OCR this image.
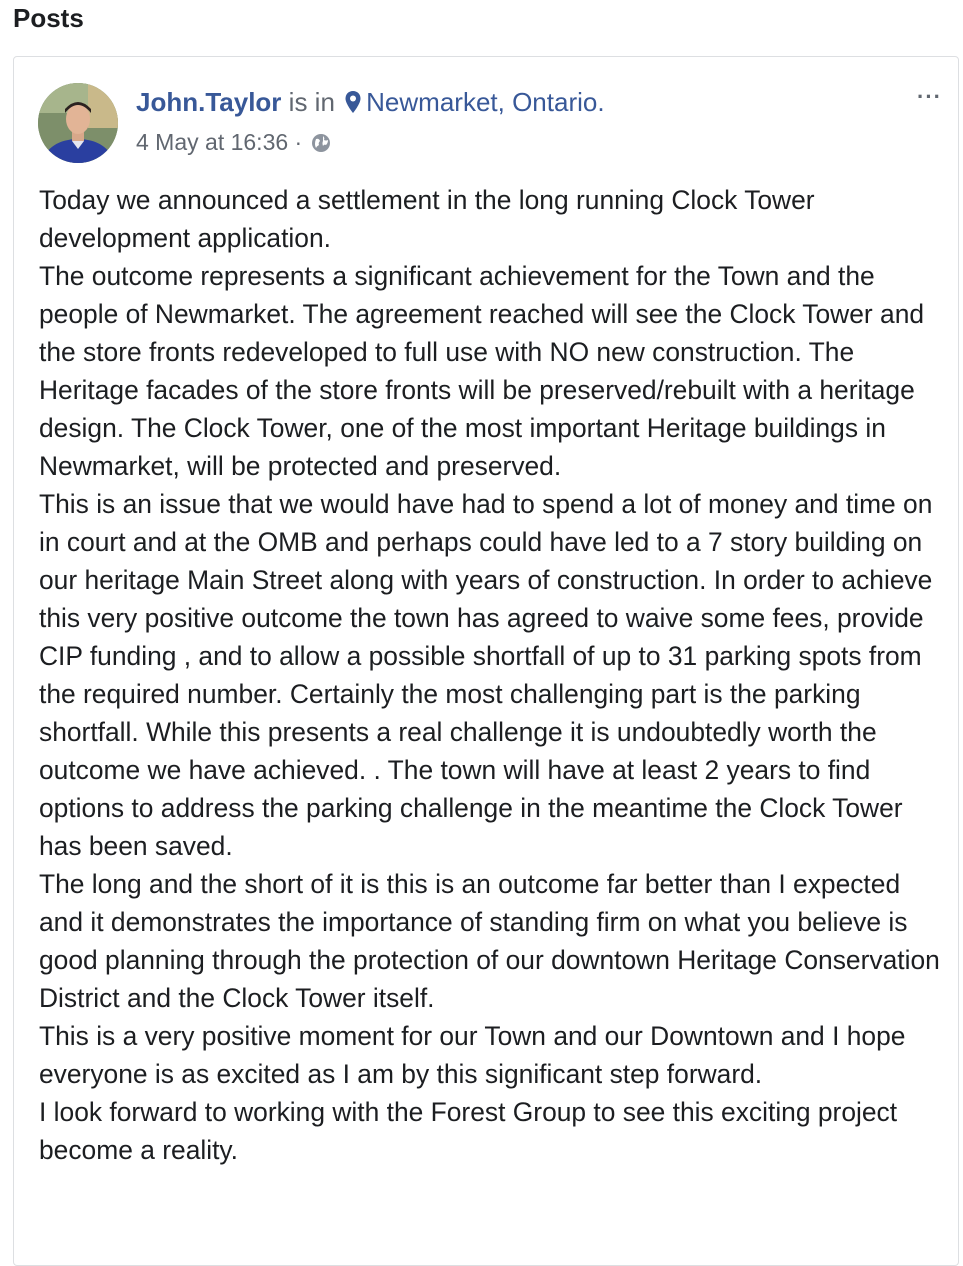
Posts
John.Taylor is in Newmarket, Ontario.
4 May at 16:36 ·
···

Today we announced a settlement in the long running Clock Tower development application.

The outcome represents a significant achievement for the Town and the people of Newmarket. The agreement reached will see the Clock Tower and the store fronts redeveloped to full use with NO new construction. The Heritage facades of the store fronts will be preserved/rebuilt with a heritage design. The Clock Tower, one of the most important Heritage buildings in Newmarket, will be protected and preserved.

This is an issue that we would have had to spend a lot of money and time on in court and at the OMB and perhaps could have led to a 7 story building on our heritage Main Street along with years of construction. In order to achieve this very positive outcome the town has agreed to waive some fees, provide CIP funding , and to allow a possible shortfall of up to 31 parking spots from the required number. Certainly the most challenging part is the parking shortfall. While this presents a real challenge it is undoubtedly worth the outcome we have achieved. . The town will have at least 2 years to find options to address the parking challenge in the meantime the Clock Tower has been saved.

The long and the short of it is this is an outcome far better than I expected and it demonstrates the importance of standing firm on what you believe is good planning through the protection of our downtown Heritage Conservation District and the Clock Tower itself.

This is a very positive moment for our Town and our Downtown and I hope everyone is as excited as I am by this significant step forward.

I look forward to working with the Forest Group to see this exciting project become a reality.
